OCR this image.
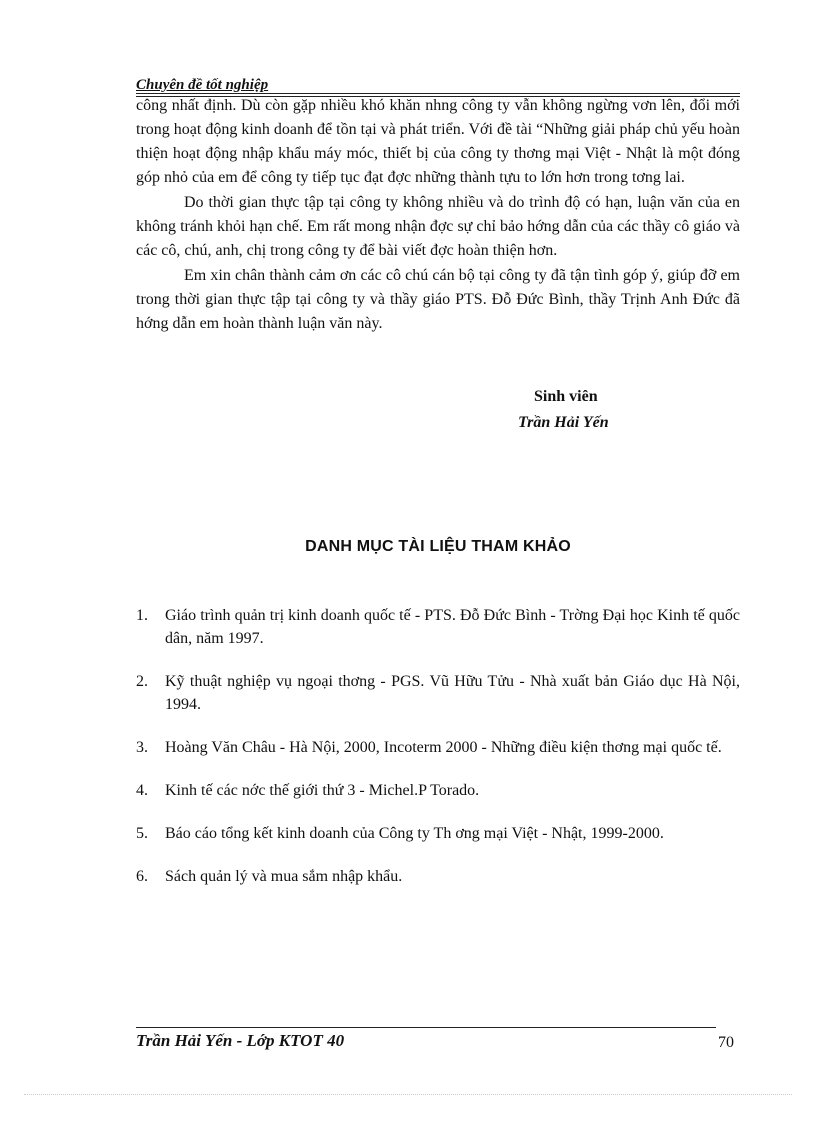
Chuyên đề tốt nghiệp

công nhất định. Dù còn gặp nhiều khó khăn nhng công ty vẫn không ngừng vơn lên, đổi mới trong hoạt động kinh doanh để tồn tại và phát triển. Với đề tài “Những giải pháp chủ yếu hoàn thiện hoạt động nhập khẩu máy móc, thiết bị của công ty thơng mại Việt - Nhật là một đóng góp nhỏ của em để công ty tiếp tục đạt đợc những thành tựu to lớn hơn trong tơng lai.

Do thời gian thực tập tại công ty không nhiều và do trình độ có hạn, luận văn của en không tránh khỏi hạn chế. Em rất mong nhận đợc sự chỉ bảo hớng dẫn của các thầy cô giáo và các cô, chú, anh, chị trong công ty để bài viết đợc hoàn thiện hơn.

Em xin chân thành cảm ơn các cô chú cán bộ tại công ty đã tận tình góp ý, giúp đỡ em trong thời gian thực tập tại công ty và thầy giáo PTS. Đỗ Đức Bình, thầy Trịnh Anh Đức đã hớng dẫn em hoàn thành luận văn này.

Sinh viên
Trần Hải Yến
DANH MỤC TÀI LIỆU THAM KHẢO
1. Giáo trình quản trị kinh doanh quốc tế - PTS. Đỗ Đức Bình - Trờng Đại học Kinh tế quốc dân, năm 1997.
2. Kỹ thuật nghiệp vụ ngoại thơng - PGS. Vũ Hữu Tửu - Nhà xuất bản Giáo dục Hà Nội, 1994.
3. Hoàng Văn Châu - Hà Nội, 2000, Incoterm 2000 - Những điều kiện thơng mại quốc tế.
4. Kinh tế các nớc thế giới thứ 3 - Michel.P Torado.
5. Báo cáo tổng kết kinh doanh của Công ty Th ơng mại Việt - Nhật, 1999-2000.
6. Sách quản lý và mua sắm nhập khẩu.
Trần Hải Yến - Lớp KTOT 40	70
